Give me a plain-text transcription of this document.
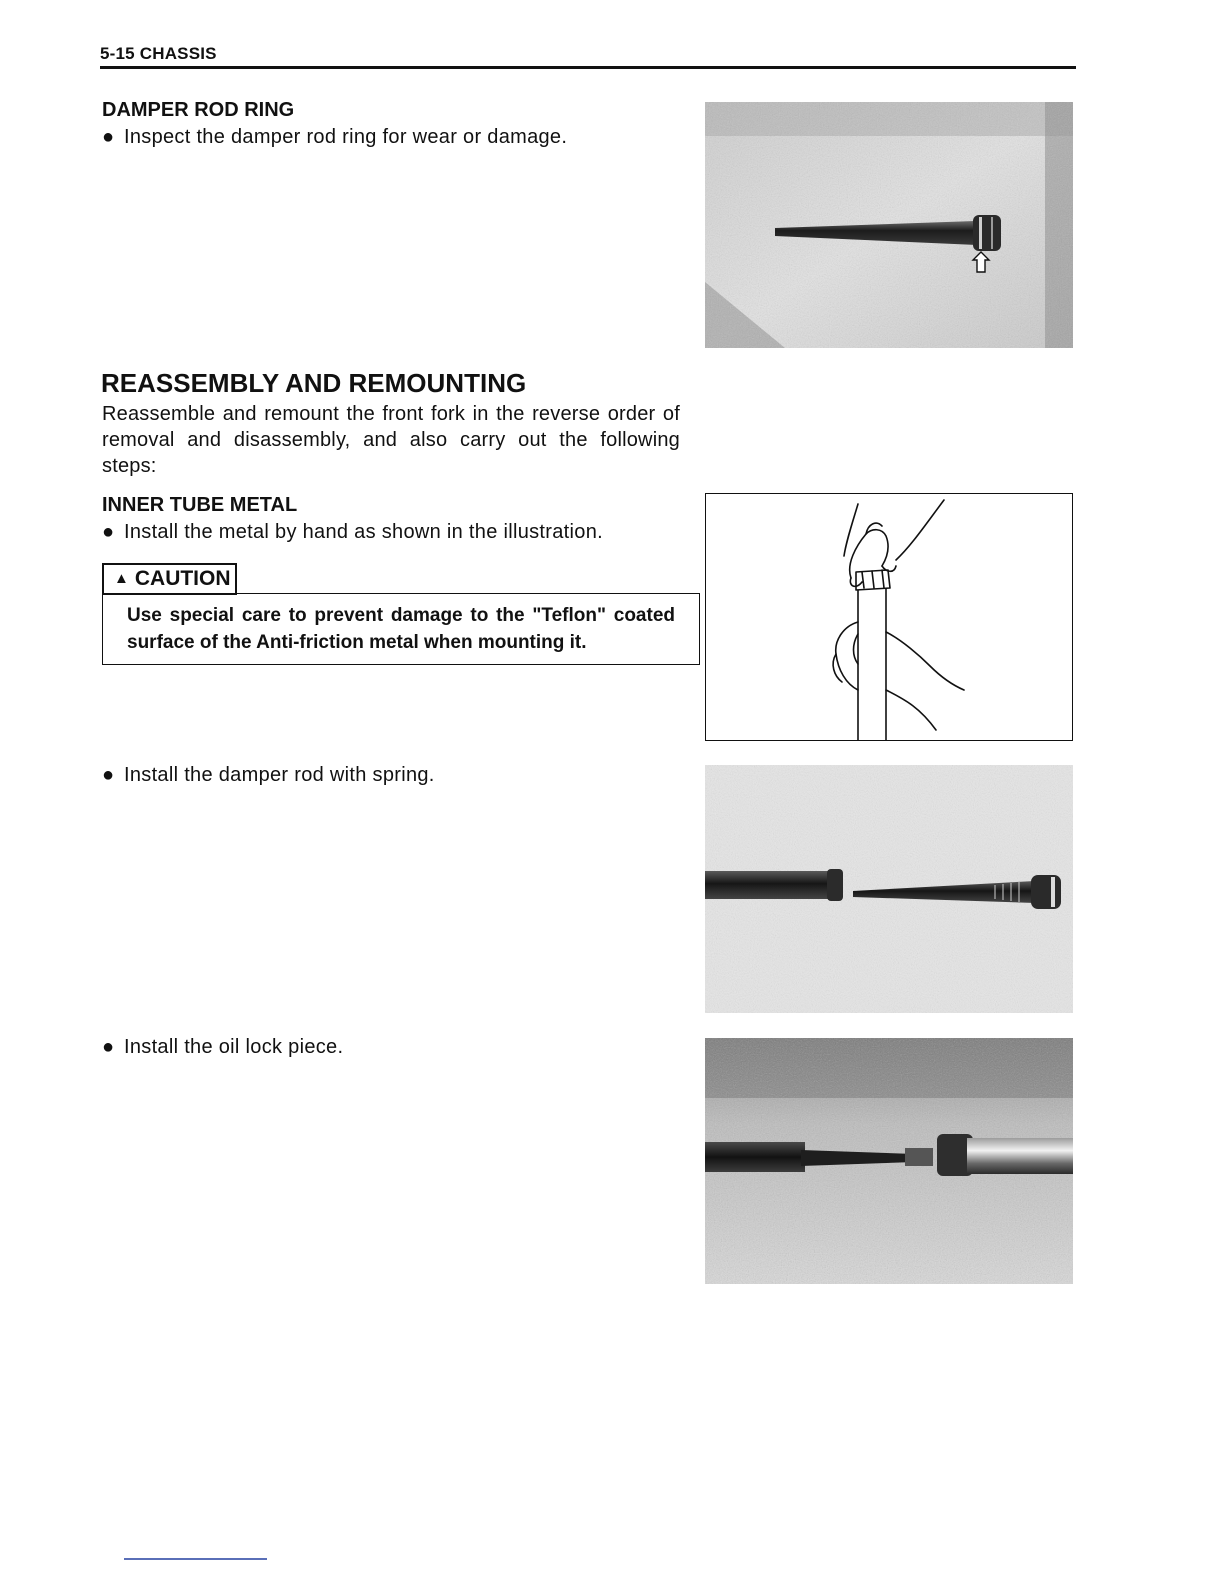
5-15 CHASSIS
DAMPER ROD RING
● Inspect the damper rod ring for wear or damage.
REASSEMBLY AND REMOUNTING
Reassemble and remount the front fork in the reverse order of removal and disassembly, and also carry out the following steps:
INNER TUBE METAL
● Install the metal by hand as shown in the illustration.
▲ CAUTION
Use special care to prevent damage to the "Teflon" coated surface of the Anti-friction metal when mounting it.
● Install the damper rod with spring.
● Install the oil lock piece.
